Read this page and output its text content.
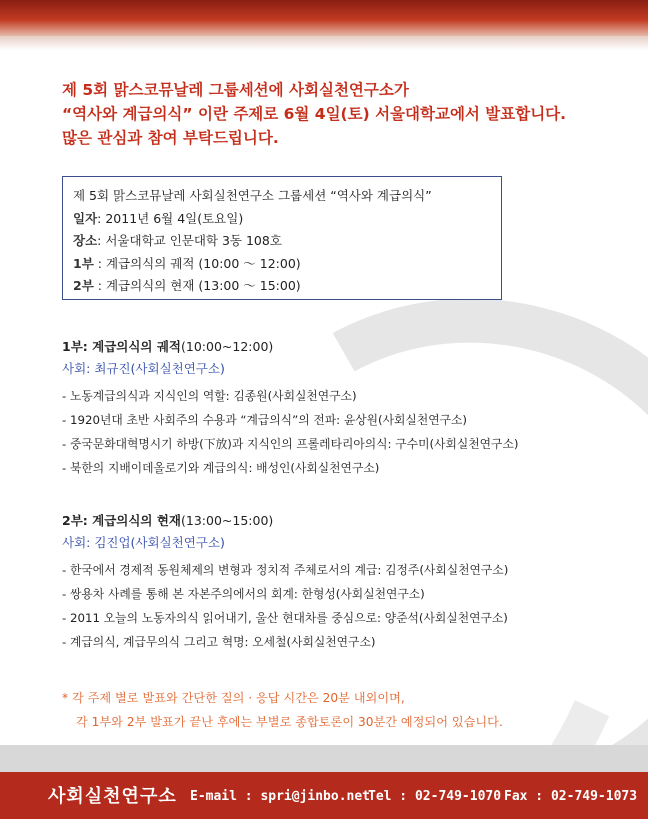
제 5회 맑스코뮤날레 그룹세션에 사회실천연구소가
“역사와 계급의식” 이란 주제로 6월 4일(토) 서울대학교에서 발표합니다.
많은 관심과 참여 부탁드립니다.
제 5회 맑스코뮤날레 사회실천연구소 그룹세션 “역사와 계급의식”
일자: 2011년 6월 4일(토요일)
장소: 서울대학교 인문대학 3동 108호
1부 : 계급의식의 궤적 (10:00 ～ 12:00)
2부 : 계급의식의 현재 (13:00 ～ 15:00)
1부: 계급의식의 궤적(10:00~12:00)
사회: 최규진(사회실천연구소)
- 노동계급의식과 지식인의 역할: 김종원(사회실천연구소)
- 1920년대 초반 사회주의 수용과 “계급의식”의 전파: 윤상원(사회실천연구소)
- 중국문화대혁명시기 하방(下放)과 지식인의 프롤레타리아의식: 구수미(사회실천연구소)
- 북한의 지배이데올로기와 계급의식: 배성인(사회실천연구소)
2부: 계급의식의 현재(13:00~15:00)
사회: 김진업(사회실천연구소)
- 한국에서 경제적 동원체제의 변형과 정치적 주체로서의 계급: 김정주(사회실천연구소)
- 쌍용차 사례를 통해 본 자본주의에서의 회계: 한형성(사회실천연구소)
- 2011 오늘의 노동자의식 읽어내기, 울산 현대차를 중심으로: 양준석(사회실천연구소)
- 계급의식, 계급무의식 그리고 혁명: 오세철(사회실천연구소)
* 각 주제 별로 발표와 간단한 질의 · 응답 시간은 20분 내외이며,
각 1부와 2부 발표가 끝난 후에는 부별로 종합토론이 30분간 예정되어 있습니다.
사회실천연구소 E-mail : spri@jinbo.net
Tel : 02-749-1070 Fax : 02-749-1073
